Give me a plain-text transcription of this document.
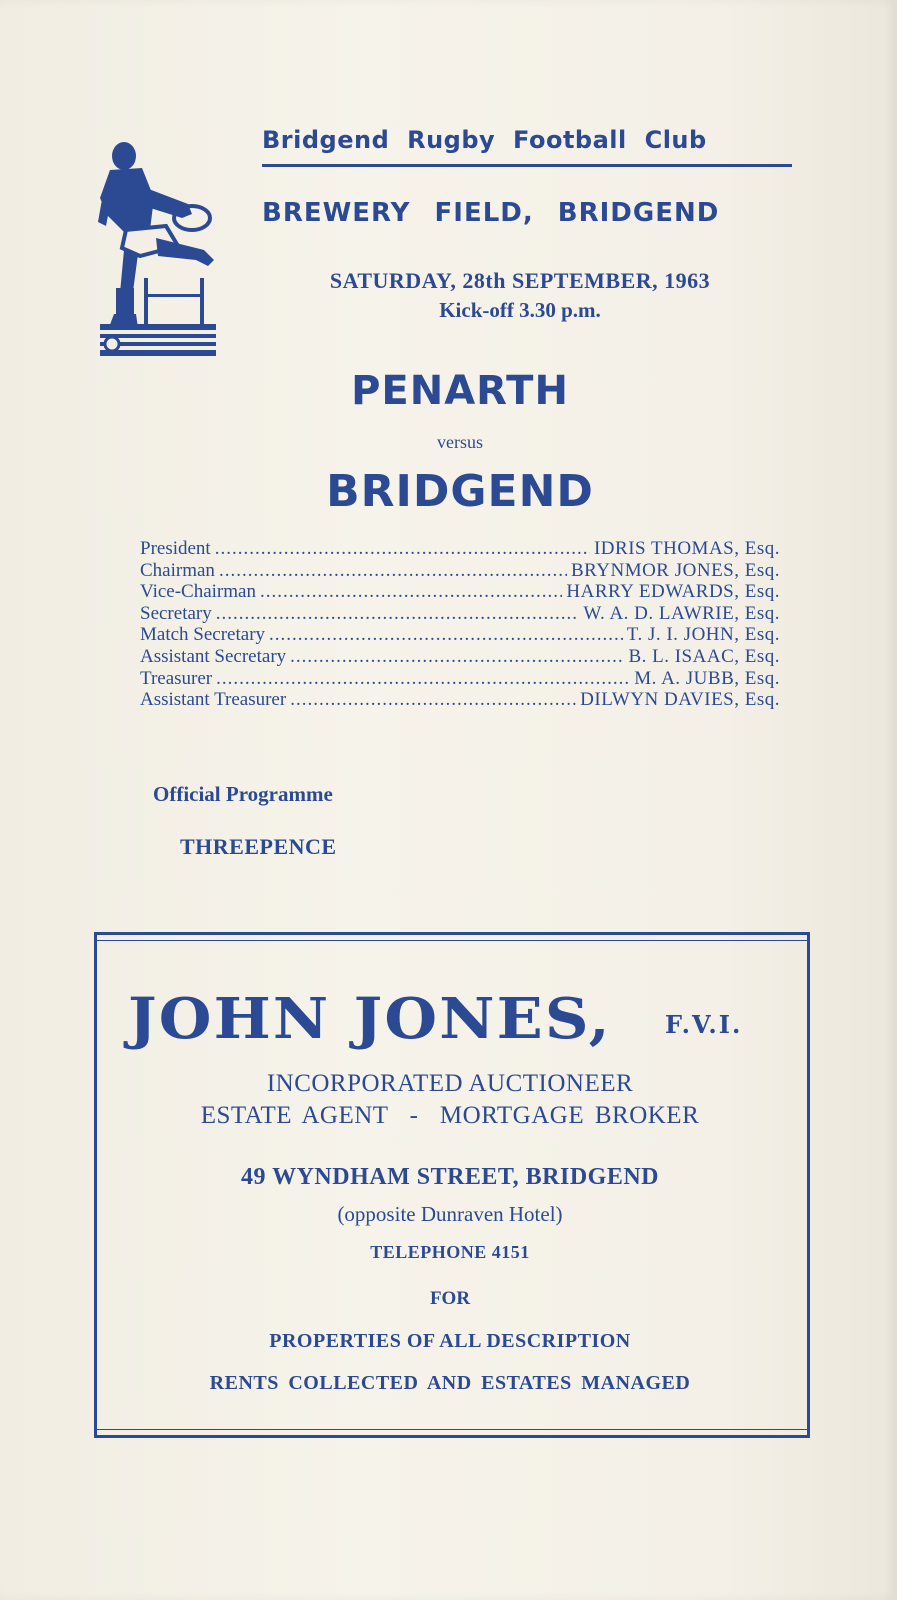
Bridgend Rugby Football Club
BREWERY FIELD, BRIDGEND
SATURDAY, 28th SEPTEMBER, 1963
Kick-off 3.30 p.m.
PENARTH
versus
BRIDGEND
President .....	IDRIS THOMAS, Esq.
Chairman .....	BRYNMOR JONES, Esq.
Vice-Chairman .....	HARRY EDWARDS, Esq.
Secretary .....	W. A. D. LAWRIE, Esq.
Match Secretary .....	T. J. I. JOHN, Esq.
Assistant Secretary .....	B. L. ISAAC, Esq.
Treasurer .....	M. A. JUBB, Esq.
Assistant Treasurer .....	DILWYN DAVIES, Esq.
Official Programme
THREEPENCE
JOHN JONES, F.V.I.
INCORPORATED AUCTIONEER
ESTATE AGENT  -  MORTGAGE BROKER
49 WYNDHAM STREET, BRIDGEND
(opposite Dunraven Hotel)
TELEPHONE 4151
FOR
PROPERTIES OF ALL DESCRIPTION
RENTS COLLECTED AND ESTATES MANAGED
